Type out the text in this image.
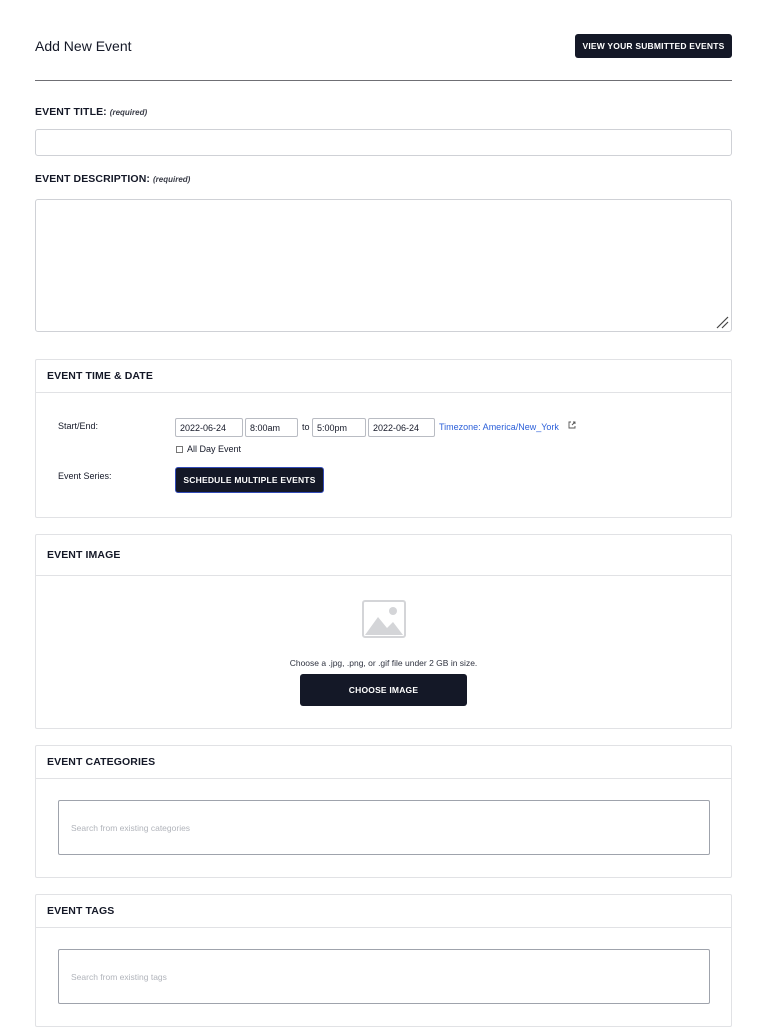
Add New Event	VIEW YOUR SUBMITTED EVENTS
EVENT TITLE: (required)
EVENT DESCRIPTION: (required)
EVENT TIME & DATE
Start/End:	2022-06-24	8:00am	to 5:00pm	2022-06-24	Timezone: America/New_York
All Day Event
Event Series:	SCHEDULE MULTIPLE EVENTS
EVENT IMAGE
Choose a .jpg, .png, or .gif file under 2 GB in size.
CHOOSE IMAGE
EVENT CATEGORIES
Search from existing categories
EVENT TAGS
Search from existing tags
